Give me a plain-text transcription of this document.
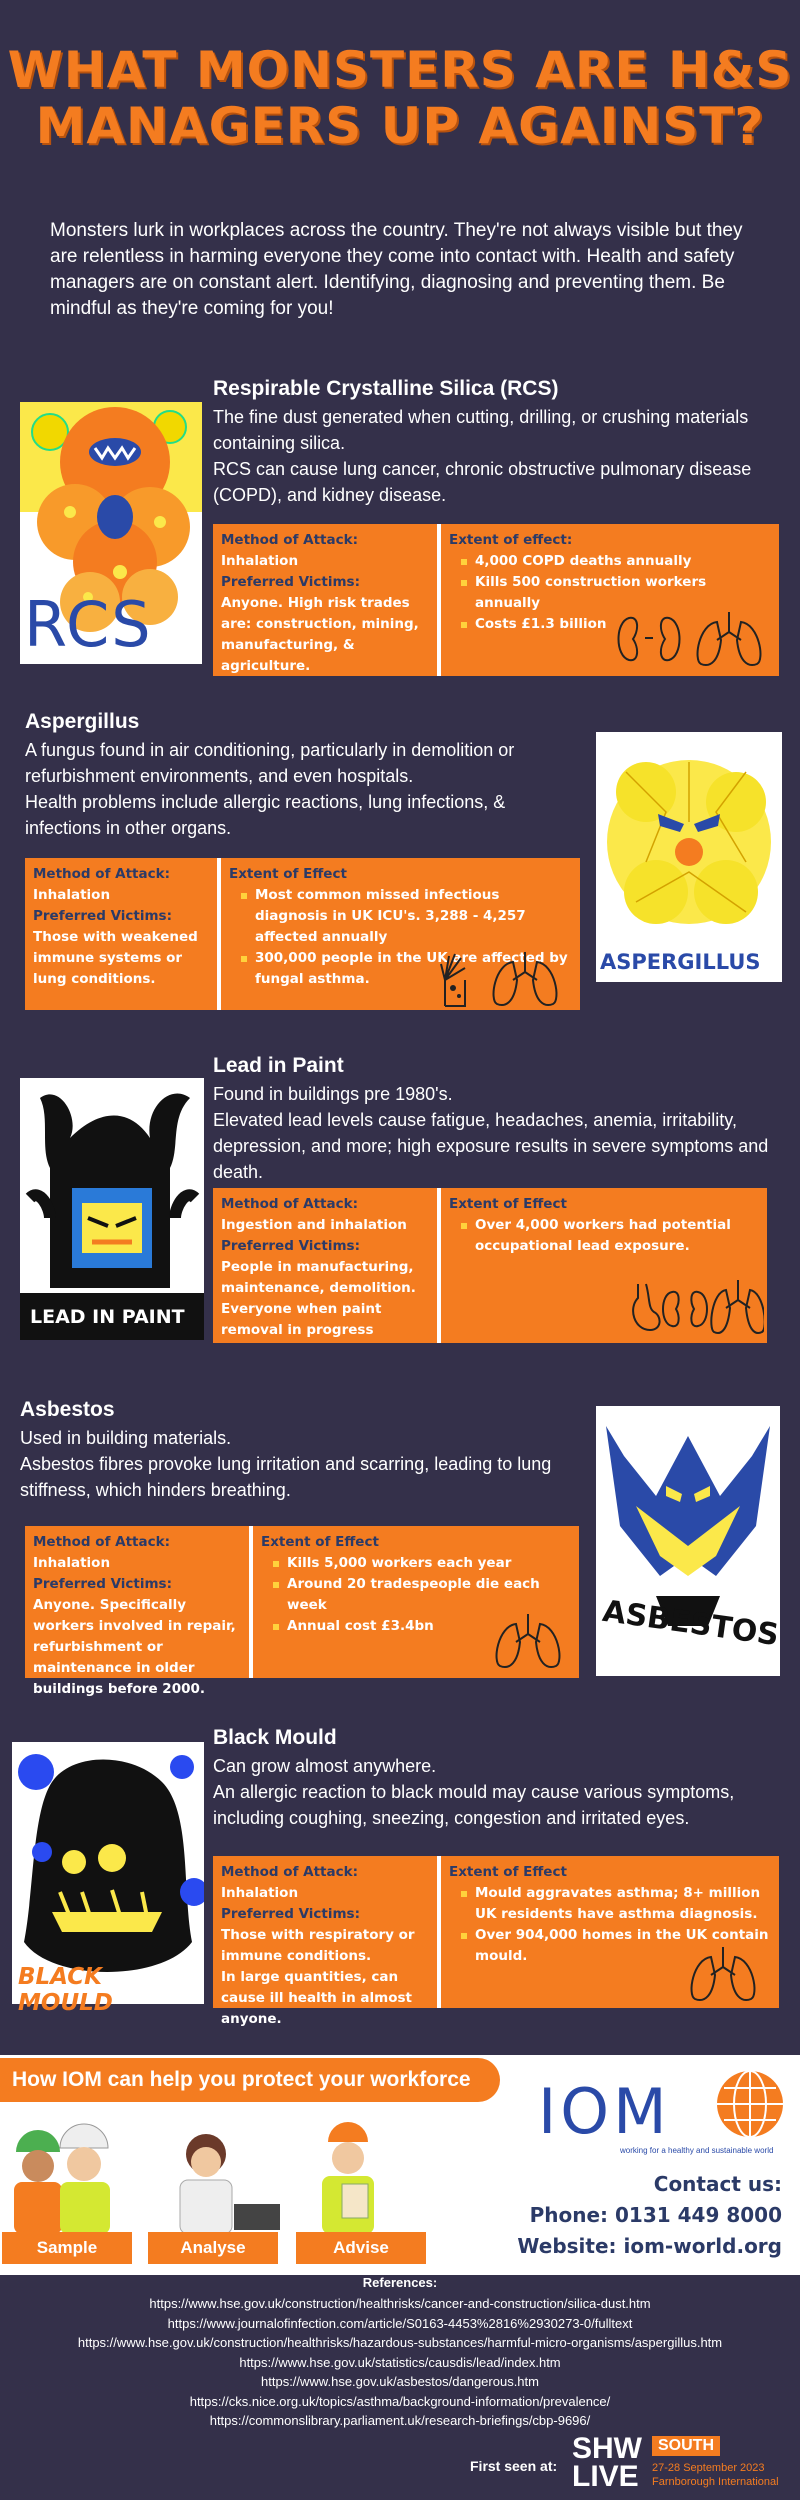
WHAT MONSTERS ARE H&S
MANAGERS UP AGAINST?
Monsters lurk in workplaces across the country. They're not always visible but they are relentless in harming everyone they come into contact with. Health and safety managers are on constant alert. Identifying, diagnosing and preventing them. Be mindful as they're coming for you!
RCS
Respirable Crystalline Silica (RCS)
The fine dust generated when cutting, drilling, or crushing materials containing silica.
RCS can cause lung cancer, chronic obstructive pulmonary disease (COPD), and kidney disease.
Method of Attack:
Inhalation
Preferred Victims:
Anyone. High risk trades are: construction, mining, manufacturing, & agriculture.
Extent of effect:
4,000 COPD deaths annually
Kills 500 construction workers annually
Costs £1.3 billion
Aspergillus
A fungus found in air conditioning, particularly in demolition or refurbishment environments, and even hospitals.
Health problems include allergic reactions, lung infections, & infections in other organs.
Method of Attack:
Inhalation
Preferred Victims:
Those with weakened immune systems or lung conditions.
Extent of Effect
Most common missed infectious diagnosis in UK ICU's. 3,288 - 4,257 affected annually
300,000 people in the UK are affected by fungal asthma.
ASPERGILLUS
LEAD IN PAINT
Lead in Paint
Found in buildings pre 1980's.
Elevated lead levels cause fatigue, headaches, anemia, irritability, depression, and more; high exposure results in severe symptoms and death.
Method of Attack:
Ingestion and inhalation
Preferred Victims:
People in manufacturing, maintenance, demolition. Everyone when paint removal in progress
Extent of Effect
Over 4,000 workers had potential occupational lead exposure.
Asbestos
Used in building materials.
Asbestos fibres provoke lung irritation and scarring, leading to lung stiffness, which hinders breathing.
Method of Attack:
Inhalation
Preferred Victims:
Anyone. Specifically workers involved in repair, refurbishment or maintenance in older buildings before 2000.
Extent of Effect
Kills 5,000 workers each year
Around 20 tradespeople die each week
Annual cost £3.4bn	ASBESTOS
BLACK MOULD
Black Mould
Can grow almost anywhere.
An allergic reaction to black mould may cause various symptoms, including coughing, sneezing, congestion and irritated eyes.
Method of Attack:
Inhalation
Preferred Victims:
Those with respiratory or immune conditions.
In large quantities, can cause ill health in almost anyone.
Extent of Effect
Mould aggravates asthma; 8+ million UK residents have asthma diagnosis.
Over 904,000 homes in the UK contain mould.
How IOM can help you protect your workforce
Sample	Analyse	Advise
IOM
working for a healthy and sustainable world
Contact us:
Phone: 0131 449 8000
Website: iom-world.org
References:
https://www.hse.gov.uk/construction/healthrisks/cancer-and-construction/silica-dust.htm
https://www.journalofinfection.com/article/S0163-4453%2816%2930273-0/fulltext
https://www.hse.gov.uk/construction/healthrisks/hazardous-substances/harmful-micro-organisms/aspergillus.htm
https://www.hse.gov.uk/statistics/causdis/lead/index.htm
https://www.hse.gov.uk/asbestos/dangerous.htm
https://cks.nice.org.uk/topics/asthma/background-information/prevalence/
https://commonslibrary.parliament.uk/research-briefings/cbp-9696/
First seen at:
SHW
LIVE
SOUTH
27-28 September 2023
Farnborough International
